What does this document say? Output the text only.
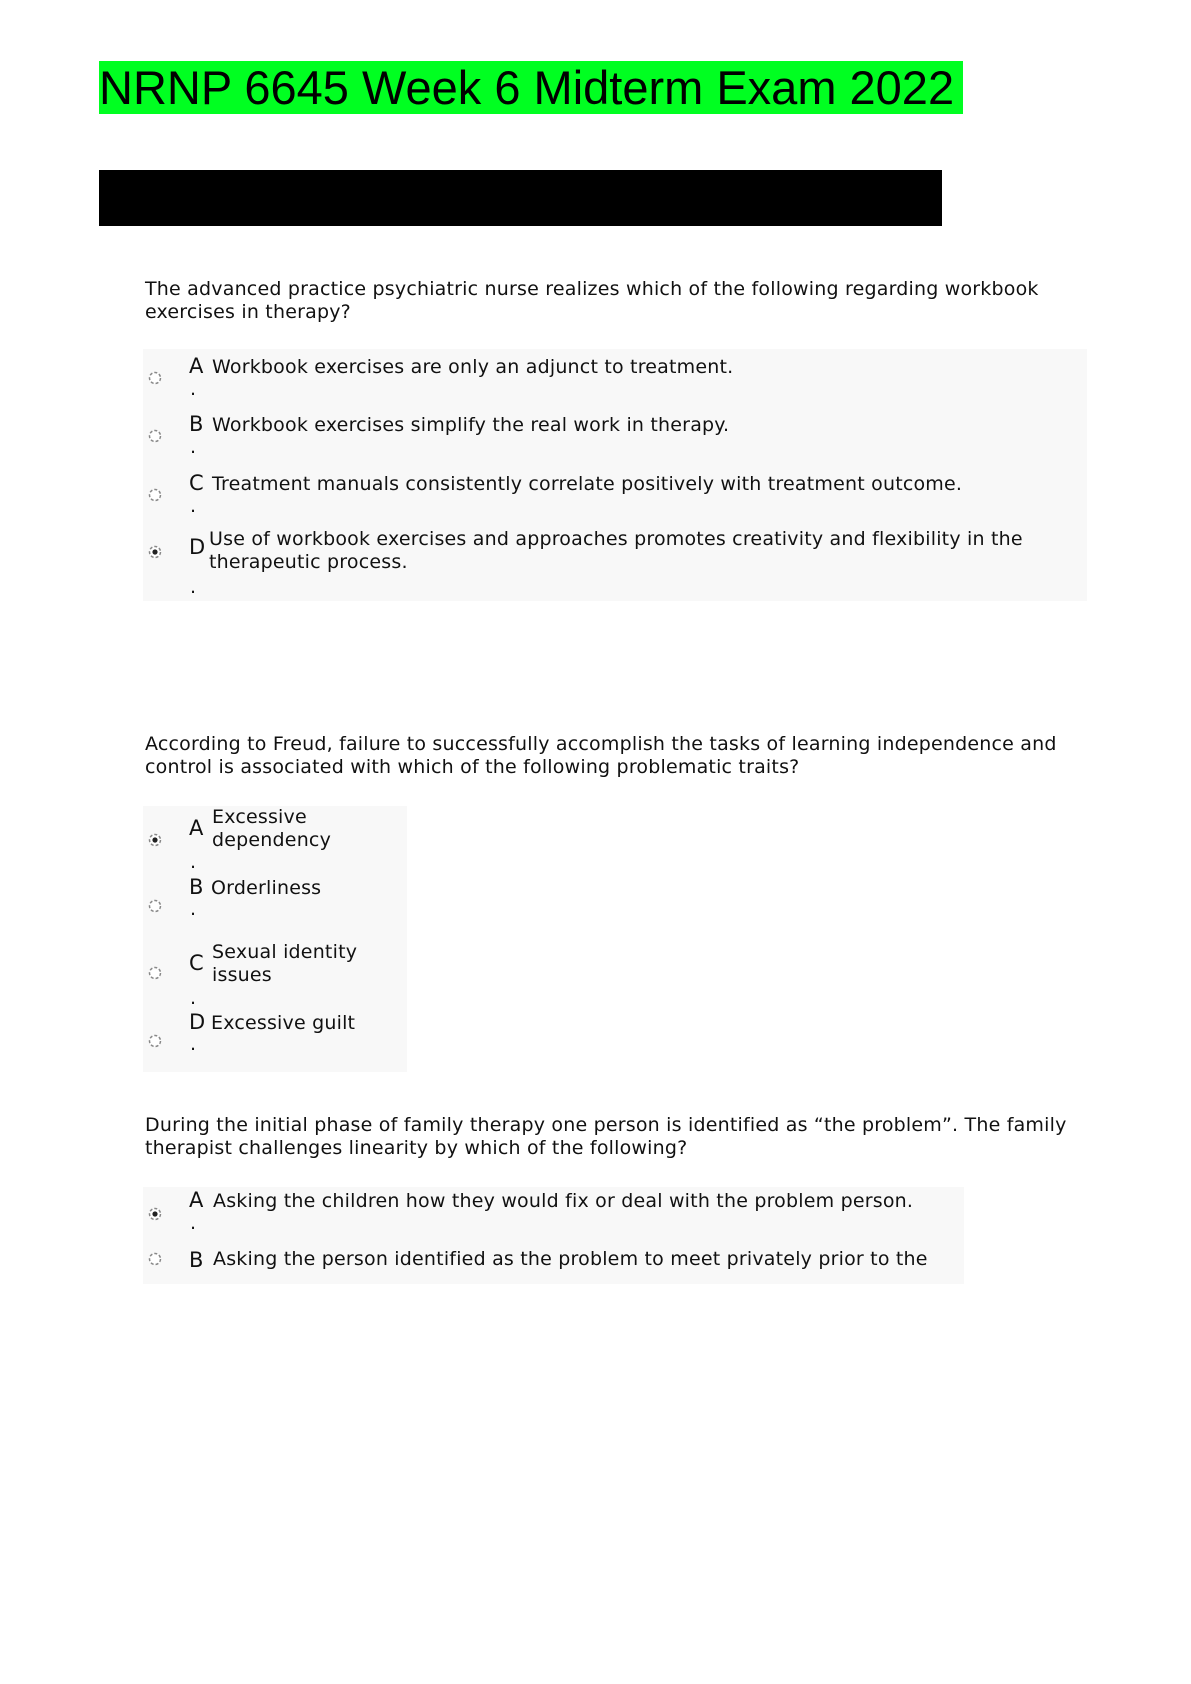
NRNP 6645 Week 6 Midterm Exam 2022
The advanced practice psychiatric nurse realizes which of the following regarding workbook exercises in therapy?
A
.
Workbook exercises are only an adjunct to treatment.
B
.
Workbook exercises simplify the real work in therapy.
C
.
Treatment manuals consistently correlate positively with treatment outcome.
D
.
Use of workbook exercises and approaches promotes creativity and flexibility in the therapeutic process.
According to Freud, failure to successfully accomplish the tasks of learning independence and control is associated with which of the following problematic traits?
A
.
Excessive dependency
B
.
Orderliness
C
.
Sexual identity issues
D
.
Excessive guilt
During the initial phase of family therapy one person is identified as “the problem”. The family therapist challenges linearity by which of the following?
A
.
Asking the children how they would fix or deal with the problem person.
B Asking the person identified as the problem to meet privately prior to the
